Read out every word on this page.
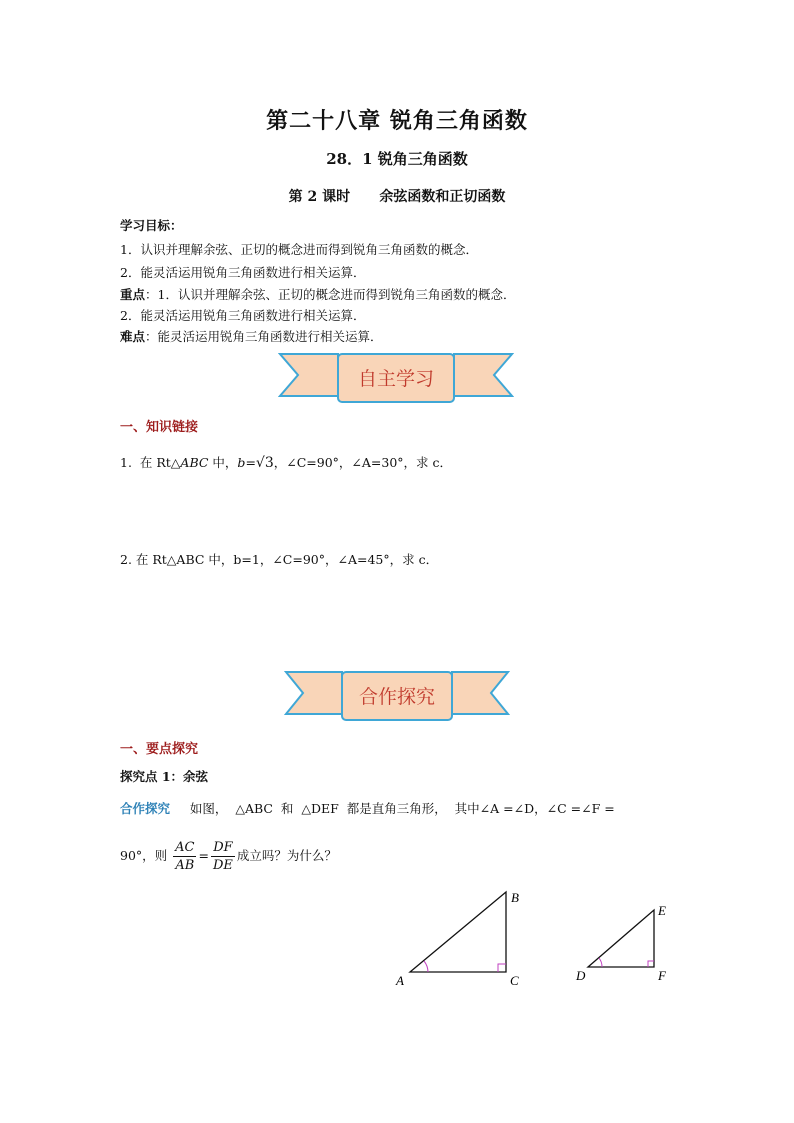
第二十八章 锐角三角函数
28．1 锐角三角函数
第 2 课时      余弦函数和正切函数
学习目标：
1．认识并理解余弦、正切的概念进而得到锐角三角函数的概念．
2．能灵活运用锐角三角函数进行相关运算．
重点：1．认识并理解余弦、正切的概念进而得到锐角三角函数的概念．
2．能灵活运用锐角三角函数进行相关运算．
难点：能灵活运用锐角三角函数进行相关运算．
自主学习
一、知识链接
1. 在 Rt△ABC 中，b=√3，∠C=90°，∠A=30°，求 c．
2. 在 Rt△ABC 中，b=1，∠C=90°，∠A=45°，求 c．
合作探究
一、要点探究
探究点 1：余弦
合作探究 如图，  △ABC  和  △DEF  都是直角三角形，  其中∠A =∠D，∠C =∠F =
90°，则 $\frac{AC}{AB} = \frac{DF}{DE}$ 成立吗？为什么？
A
B
C	D
E
F
